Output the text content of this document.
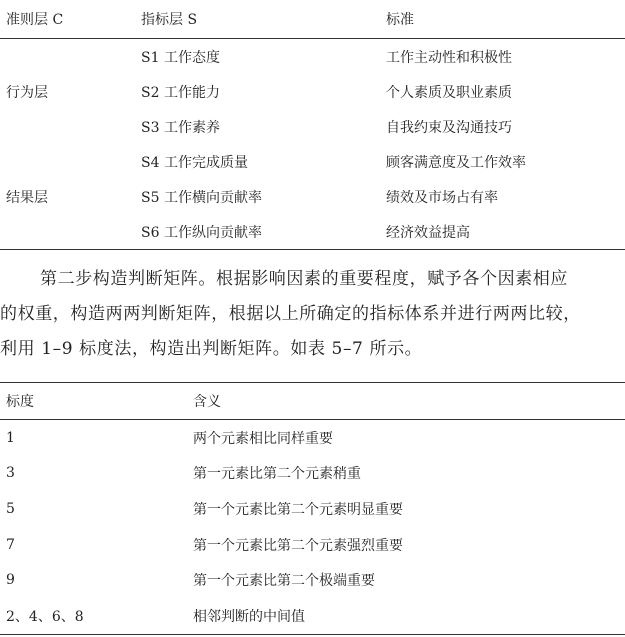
准则层 C	指标层 S	标准
	S1 工作态度	工作主动性和积极性
行为层	S2 工作能力	个人素质及职业素质
	S3 工作素养	自我约束及沟通技巧
	S4 工作完成质量	顾客满意度及工作效率
结果层	S5 工作横向贡献率	绩效及市场占有率
	S6 工作纵向贡献率	经济效益提高

第二步构造判断矩阵。根据影响因素的重要程度，赋予各个因素相应

的权重，构造两两判断矩阵，根据以上所确定的指标体系并进行两两比较，

利用 1–9 标度法，构造出判断矩阵。如表 5–7 所示。

标度	含义
1	两个元素相比同样重要
3	第一元素比第二个元素稍重
5	第一个元素比第二个元素明显重要
7	第一个元素比第二个元素强烈重要
9	第一个元素比第二个极端重要
2、4、6、8	相邻判断的中间值
